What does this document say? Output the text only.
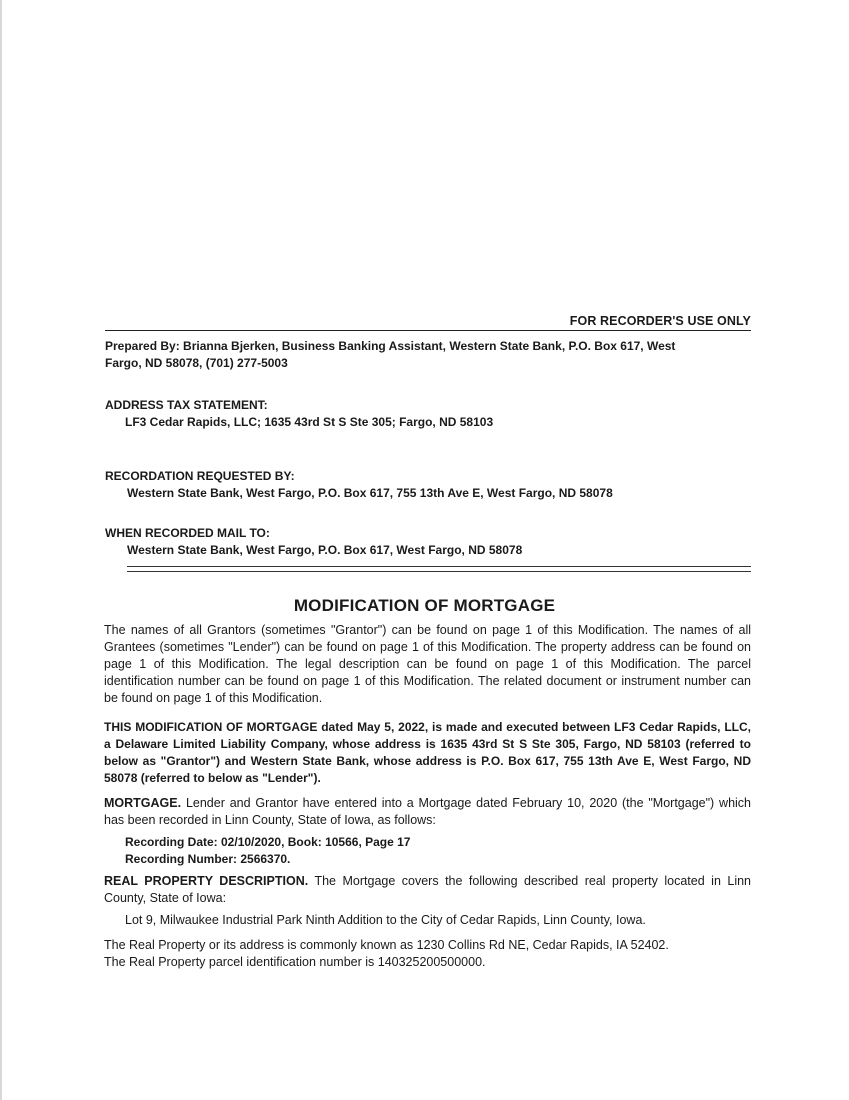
FOR RECORDER'S USE ONLY
Prepared By: Brianna Bjerken, Business Banking Assistant, Western State Bank, P.O. Box 617, West
Fargo, ND 58078, (701) 277-5003
ADDRESS TAX STATEMENT:
LF3 Cedar Rapids, LLC; 1635 43rd St S Ste 305; Fargo, ND 58103
RECORDATION REQUESTED BY:
Western State Bank, West Fargo, P.O. Box 617, 755 13th Ave E, West Fargo, ND 58078
WHEN RECORDED MAIL TO:
Western State Bank, West Fargo, P.O. Box 617, West Fargo, ND 58078
MODIFICATION OF MORTGAGE
The names of all Grantors (sometimes "Grantor") can be found on page 1 of this Modification. The names of all Grantees (sometimes "Lender") can be found on page 1 of this Modification. The property address can be found on page 1 of this Modification. The legal description can be found on page 1 of this Modification. The parcel identification number can be found on page 1 of this Modification. The related document or instrument number can be found on page 1 of this Modification.
THIS MODIFICATION OF MORTGAGE dated May 5, 2022, is made and executed between LF3 Cedar Rapids, LLC, a Delaware Limited Liability Company, whose address is 1635 43rd St S Ste 305, Fargo, ND 58103 (referred to below as "Grantor") and Western State Bank, whose address is P.O. Box 617, 755 13th Ave E, West Fargo, ND 58078 (referred to below as "Lender").
MORTGAGE. Lender and Grantor have entered into a Mortgage dated February 10, 2020 (the "Mortgage") which has been recorded in Linn County, State of Iowa, as follows:
Recording Date: 02/10/2020, Book: 10566, Page 17
Recording Number: 2566370.
REAL PROPERTY DESCRIPTION. The Mortgage covers the following described real property located in Linn County, State of Iowa:
Lot 9, Milwaukee Industrial Park Ninth Addition to the City of Cedar Rapids, Linn County, Iowa.
The Real Property or its address is commonly known as 1230 Collins Rd NE, Cedar Rapids, IA 52402.
The Real Property parcel identification number is 140325200500000.
